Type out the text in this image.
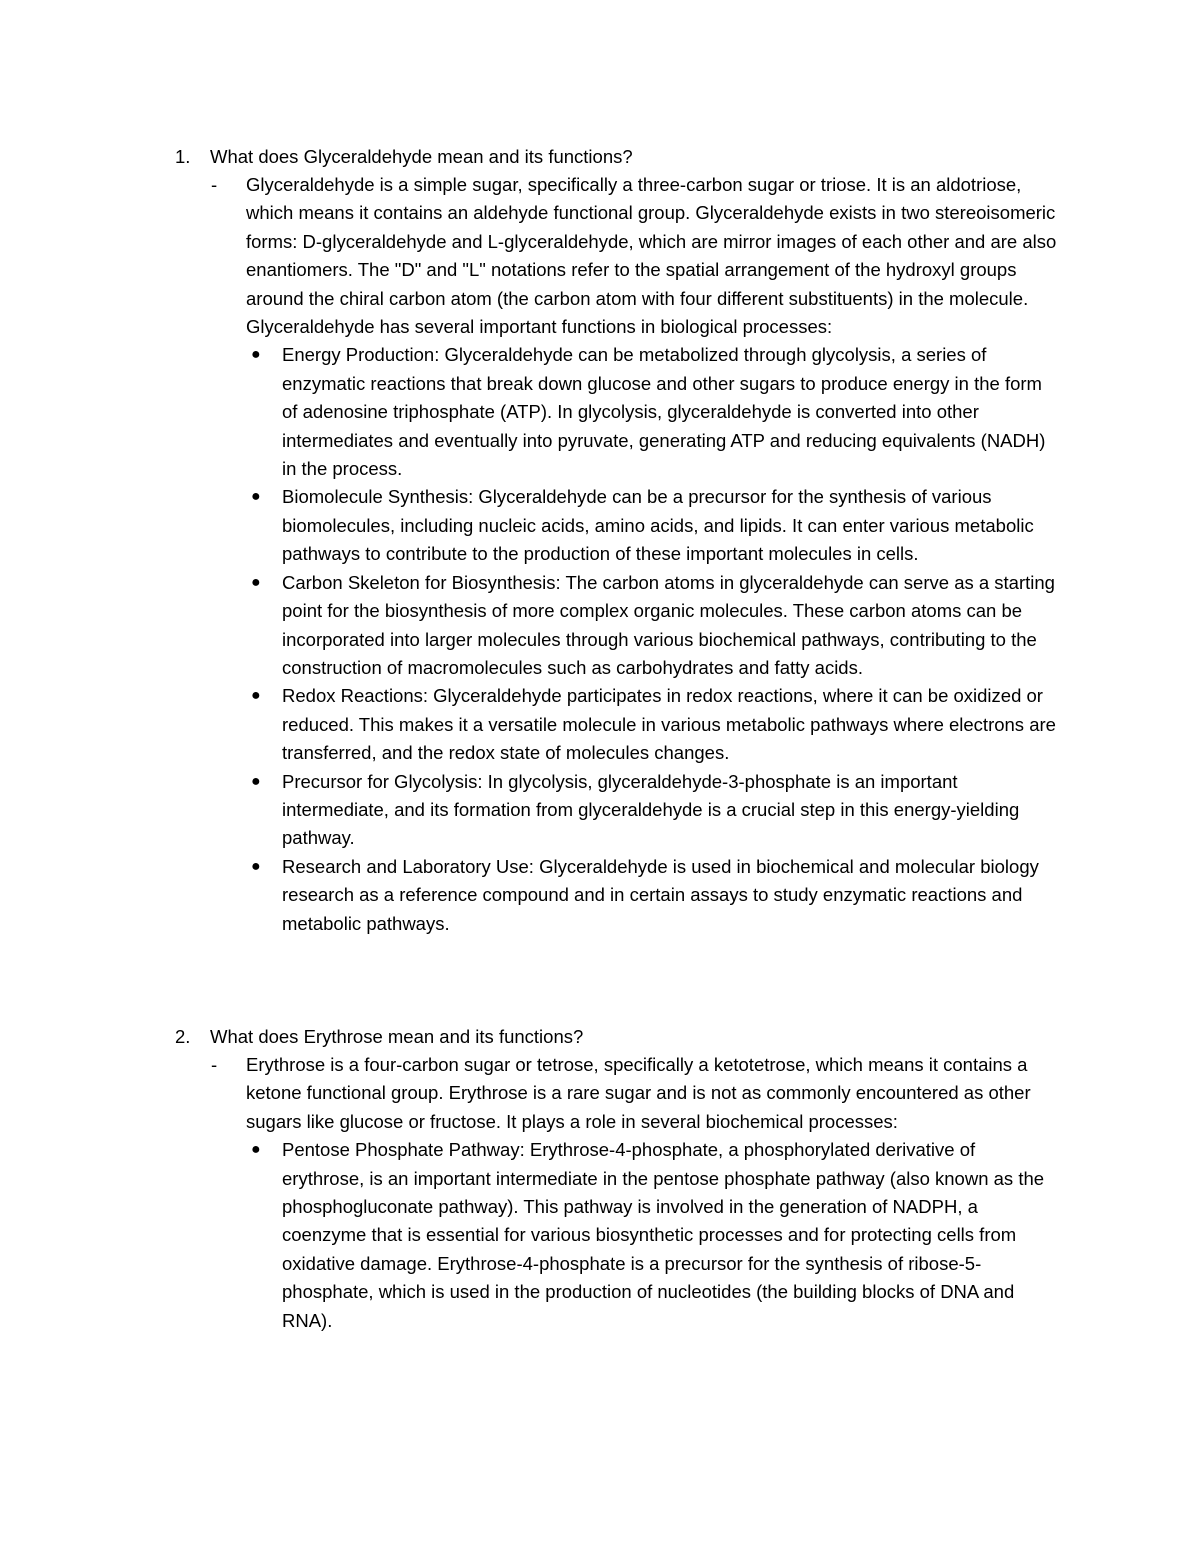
1. What does Glyceraldehyde mean and its functions?
- Glyceraldehyde is a simple sugar, specifically a three-carbon sugar or triose. It is an aldotriose, which means it contains an aldehyde functional group. Glyceraldehyde exists in two stereoisomeric forms: D-glyceraldehyde and L-glyceraldehyde, which are mirror images of each other and are also enantiomers. The "D" and "L" notations refer to the spatial arrangement of the hydroxyl groups around the chiral carbon atom (the carbon atom with four different substituents) in the molecule. Glyceraldehyde has several important functions in biological processes:
● Energy Production: Glyceraldehyde can be metabolized through glycolysis, a series of enzymatic reactions that break down glucose and other sugars to produce energy in the form of adenosine triphosphate (ATP). In glycolysis, glyceraldehyde is converted into other intermediates and eventually into pyruvate, generating ATP and reducing equivalents (NADH) in the process.
● Biomolecule Synthesis: Glyceraldehyde can be a precursor for the synthesis of various biomolecules, including nucleic acids, amino acids, and lipids. It can enter various metabolic pathways to contribute to the production of these important molecules in cells.
● Carbon Skeleton for Biosynthesis: The carbon atoms in glyceraldehyde can serve as a starting point for the biosynthesis of more complex organic molecules. These carbon atoms can be incorporated into larger molecules through various biochemical pathways, contributing to the construction of macromolecules such as carbohydrates and fatty acids.
● Redox Reactions: Glyceraldehyde participates in redox reactions, where it can be oxidized or reduced. This makes it a versatile molecule in various metabolic pathways where electrons are transferred, and the redox state of molecules changes.
● Precursor for Glycolysis: In glycolysis, glyceraldehyde-3-phosphate is an important intermediate, and its formation from glyceraldehyde is a crucial step in this energy-yielding pathway.
● Research and Laboratory Use: Glyceraldehyde is used in biochemical and molecular biology research as a reference compound and in certain assays to study enzymatic reactions and metabolic pathways.
2. What does Erythrose mean and its functions?
- Erythrose is a four-carbon sugar or tetrose, specifically a ketotetrose, which means it contains a ketone functional group. Erythrose is a rare sugar and is not as commonly encountered as other sugars like glucose or fructose. It plays a role in several biochemical processes:
● Pentose Phosphate Pathway: Erythrose-4-phosphate, a phosphorylated derivative of erythrose, is an important intermediate in the pentose phosphate pathway (also known as the phosphogluconate pathway). This pathway is involved in the generation of NADPH, a coenzyme that is essential for various biosynthetic processes and for protecting cells from oxidative damage. Erythrose-4-phosphate is a precursor for the synthesis of ribose-5-phosphate, which is used in the production of nucleotides (the building blocks of DNA and RNA).
